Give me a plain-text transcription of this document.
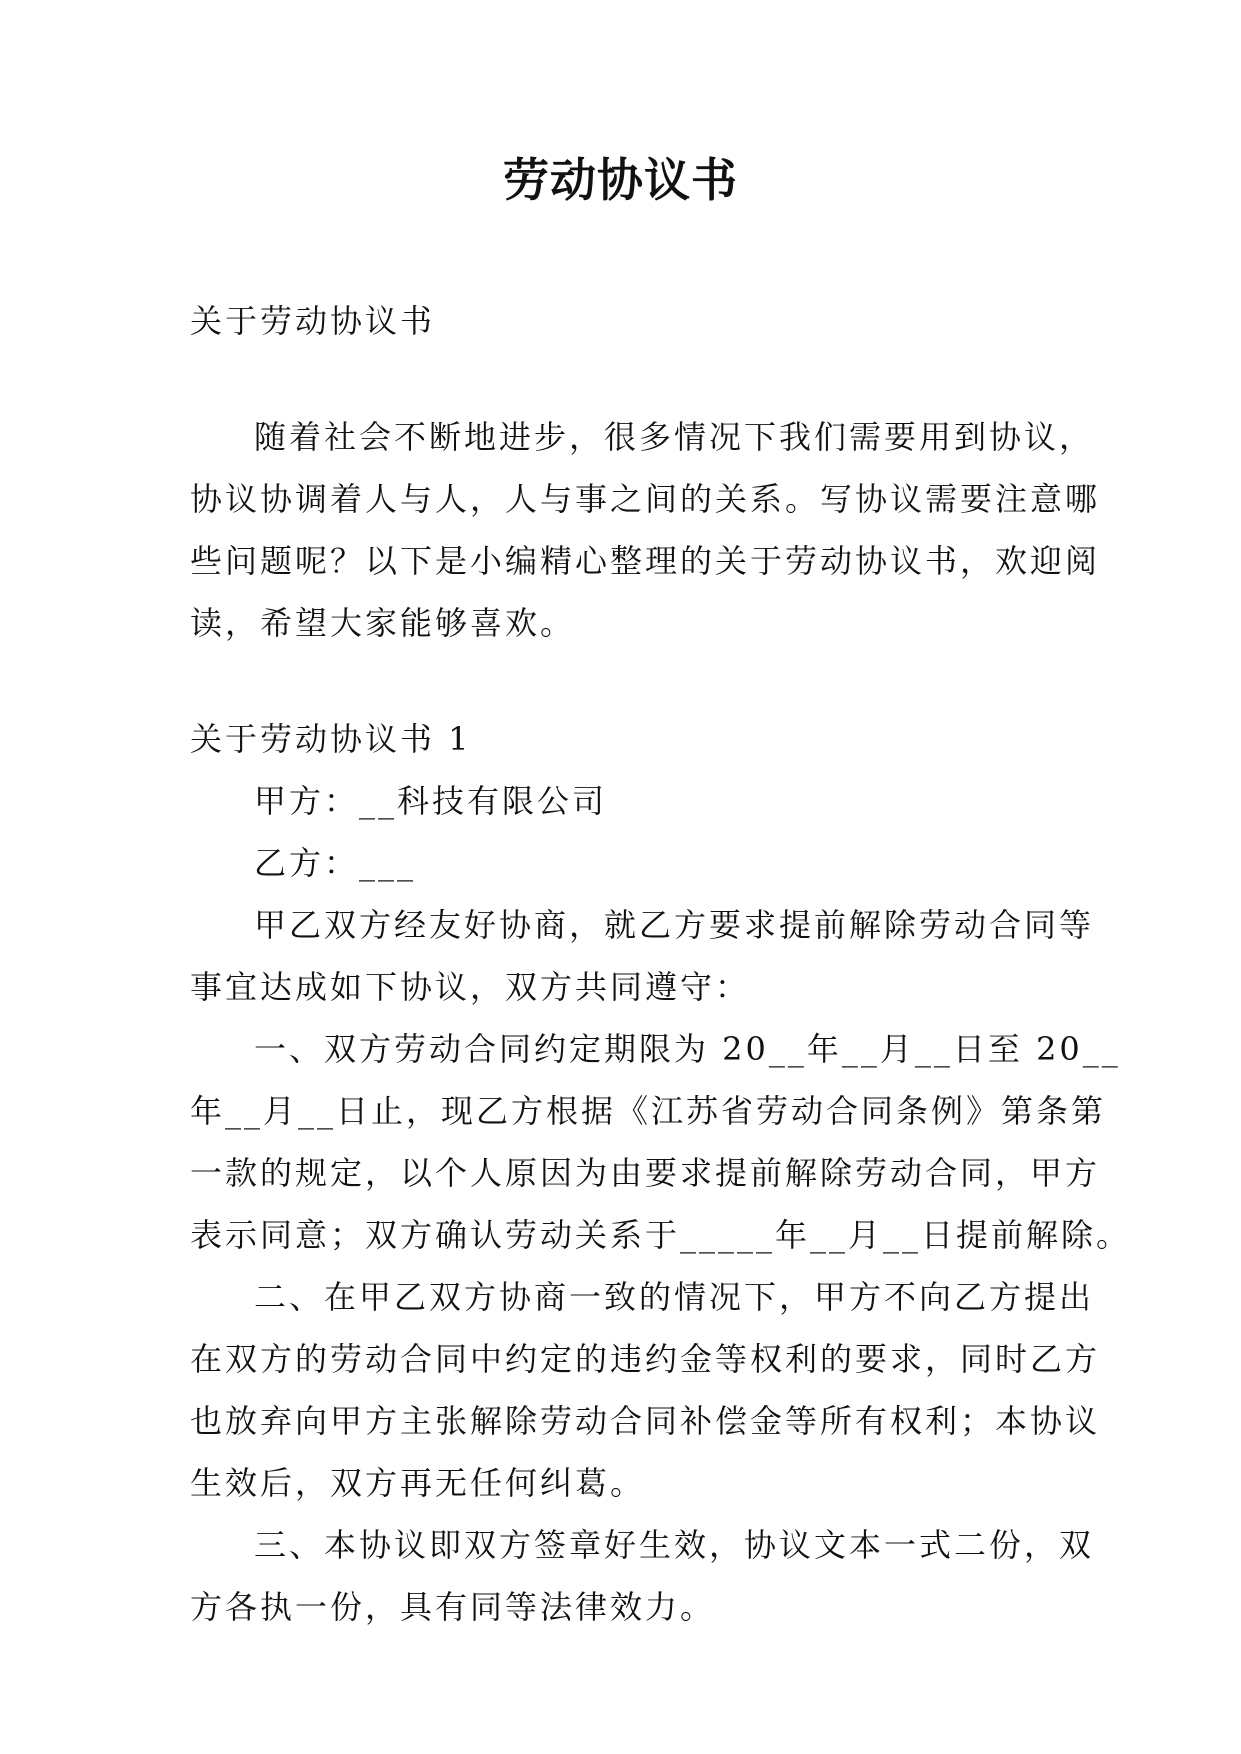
劳动协议书
关于劳动协议书
随着社会不断地进步，很多情况下我们需要用到协议，
协议协调着人与人，人与事之间的关系。写协议需要注意哪
些问题呢？以下是小编精心整理的关于劳动协议书，欢迎阅
读，希望大家能够喜欢。
关于劳动协议书 1
甲方：__科技有限公司
乙方：___
甲乙双方经友好协商，就乙方要求提前解除劳动合同等
事宜达成如下协议，双方共同遵守：
一、双方劳动合同约定期限为 20__年__月__日至 20__
年__月__日止，现乙方根据《江苏省劳动合同条例》第条第
一款的规定，以个人原因为由要求提前解除劳动合同，甲方
表示同意；双方确认劳动关系于_____年__月__日提前解除。
二、在甲乙双方协商一致的情况下，甲方不向乙方提出
在双方的劳动合同中约定的违约金等权利的要求，同时乙方
也放弃向甲方主张解除劳动合同补偿金等所有权利；本协议
生效后，双方再无任何纠葛。
三、本协议即双方签章好生效，协议文本一式二份，双
方各执一份，具有同等法律效力。
